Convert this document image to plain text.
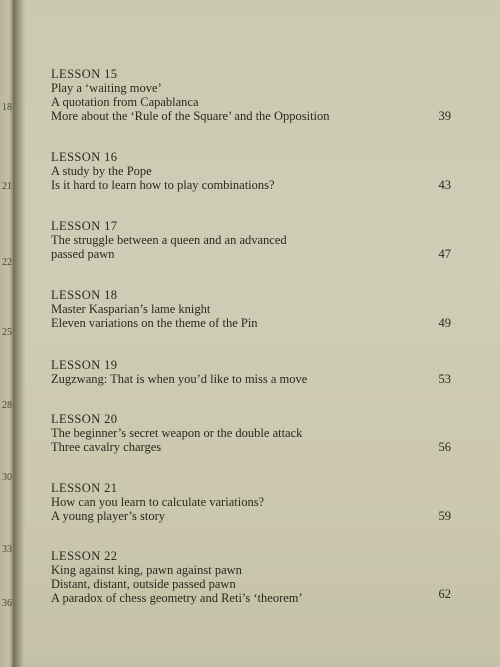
18
21
22
25
28
30
33
36
LESSON 15
Play a ‘waiting move’
A quotation from Capablanca
More about the ‘Rule of the Square’ and the Opposition	39
LESSON 16
A study by the Pope
Is it hard to learn how to play combinations?	43
LESSON 17
The struggle between a queen and an advanced
passed pawn	47
LESSON 18
Master Kasparian’s lame knight
Eleven variations on the theme of the Pin	49
LESSON 19
Zugzwang: That is when you’d like to miss a move	53
LESSON 20
The beginner’s secret weapon or the double attack
Three cavalry charges	56
LESSON 21
How can you learn to calculate variations?
A young player’s story	59
LESSON 22
King against king, pawn against pawn
Distant, distant, outside passed pawn
A paradox of chess geometry and Reti’s ‘theorem’	62
